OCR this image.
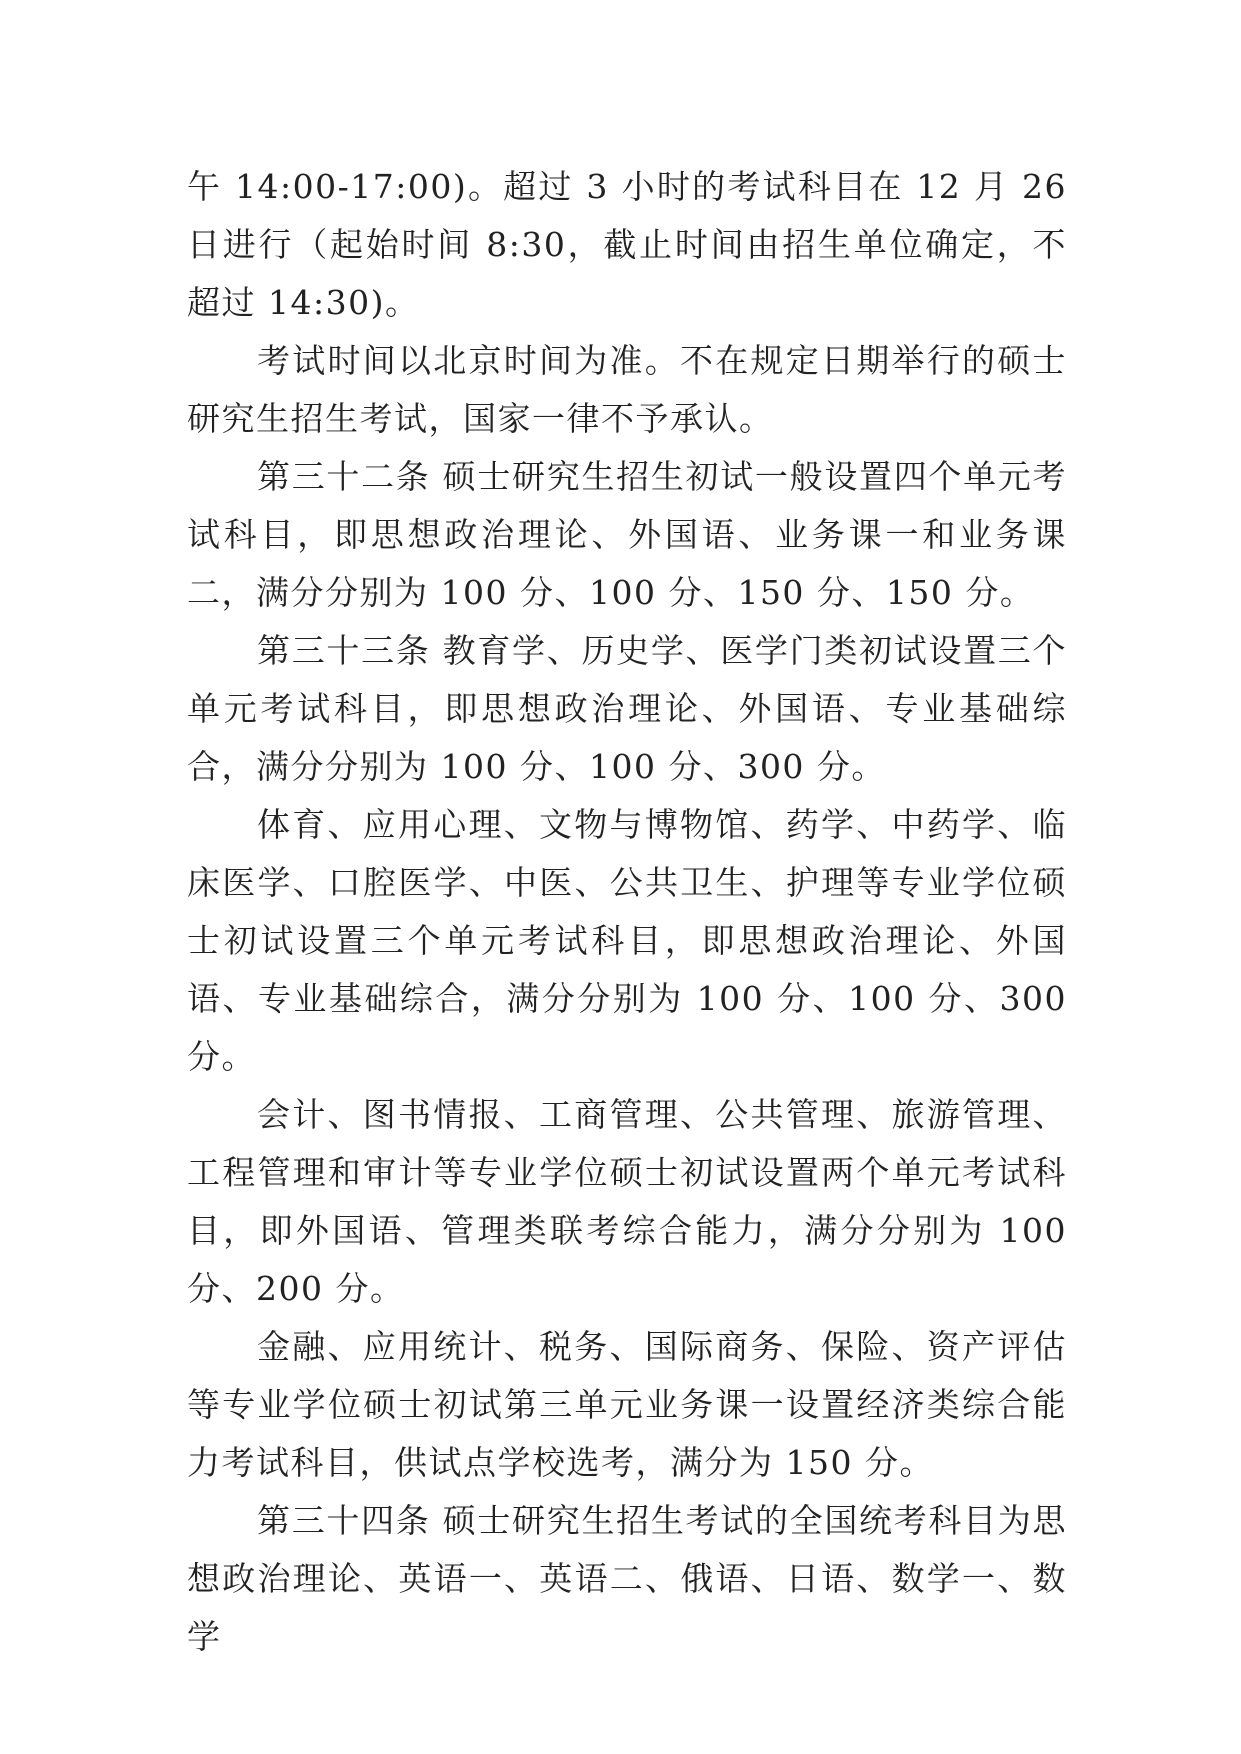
午 14:00-17:00)。超过 3 小时的考试科目在 12 月 26 日进行（起始时间 8:30，截止时间由招生单位确定，不超过 14:30)。

考试时间以北京时间为准。不在规定日期举行的硕士研究生招生考试，国家一律不予承认。

第三十二条 硕士研究生招生初试一般设置四个单元考试科目，即思想政治理论、外国语、业务课一和业务课二，满分分别为 100 分、100 分、150 分、150 分。

第三十三条 教育学、历史学、医学门类初试设置三个单元考试科目，即思想政治理论、外国语、专业基础综合，满分分别为 100 分、100 分、300 分。

体育、应用心理、文物与博物馆、药学、中药学、临床医学、口腔医学、中医、公共卫生、护理等专业学位硕士初试设置三个单元考试科目，即思想政治理论、外国语、专业基础综合，满分分别为 100 分、100 分、300 分。

会计、图书情报、工商管理、公共管理、旅游管理、工程管理和审计等专业学位硕士初试设置两个单元考试科目，即外国语、管理类联考综合能力，满分分别为 100 分、200 分。

金融、应用统计、税务、国际商务、保险、资产评估等专业学位硕士初试第三单元业务课一设置经济类综合能力考试科目，供试点学校选考，满分为 150 分。

第三十四条 硕士研究生招生考试的全国统考科目为思想政治理论、英语一、英语二、俄语、日语、数学一、数学
